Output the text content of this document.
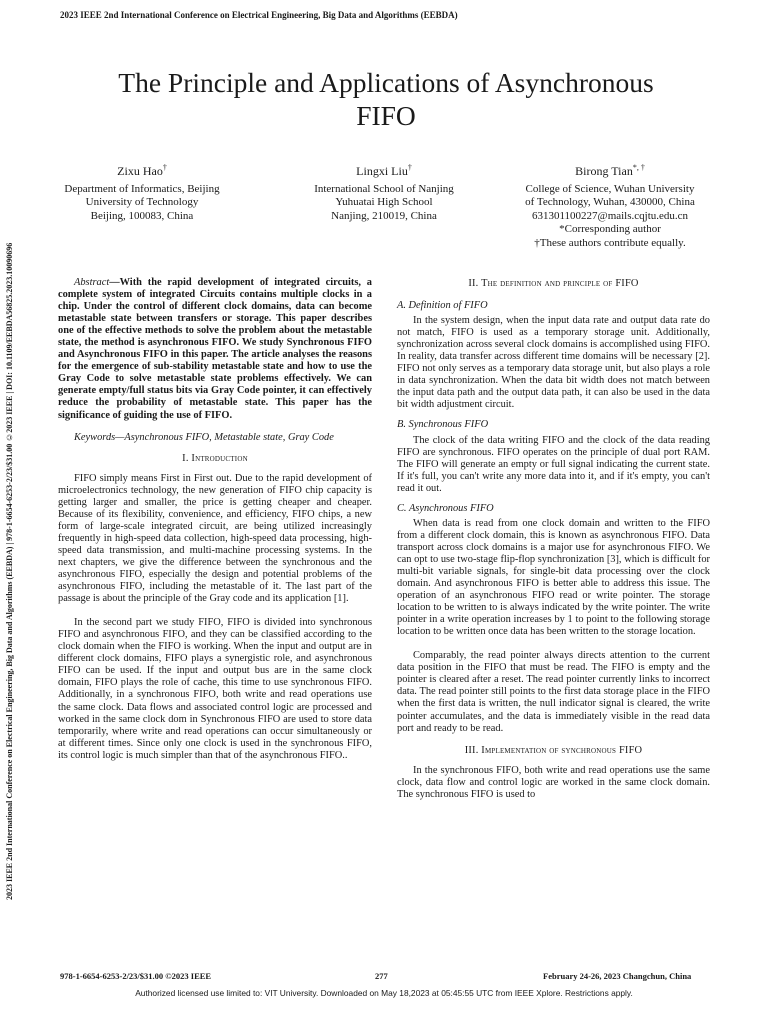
2023 IEEE 2nd International Conference on Electrical Engineering, Big Data and Algorithms (EEBDA)
2023 IEEE 2nd International Conference on Electrical Engineering, Big Data and Algorithms (EEBDA) | 978-1-6654-6253-2/23/$31.00 ©2023 IEEE | DOI: 10.1109/EEBDA56825.2023.10090696
The Principle and Applications of Asynchronous
FIFO
Zixu Hao†
Department of Informatics, Beijing
University of Technology
Beijing, 100083, China
Lingxi Liu†
International School of Nanjing
Yuhuatai High School
Nanjing, 210019, China
Birong Tian*, †
College of Science, Wuhan University
of Technology, Wuhan, 430000, China
631301100227@mails.cqjtu.edu.cn
*Corresponding author
†These authors contribute equally.

Abstract—With the rapid development of integrated circuits, a complete system of integrated Circuits contains multiple clocks in a chip. Under the control of different clock domains, data can become metastable state between transfers or storage. This paper describes one of the effective methods to solve the problem about the metastable state, the method is asynchronous FIFO. We study Synchronous FIFO and Asynchronous FIFO in this paper. The article analyses the reasons for the emergence of sub-stability metastable state and how to use the Gray Code to solve metastable state problems effectively. We can generate empty/full status bits via Gray Code pointer, it can effectively reduce the probability of metastable state. This paper has the significance of guiding the use of FIFO.

Keywords—Asynchronous FIFO, Metastable state, Gray Code

I. Introduction

FIFO simply means First in First out. Due to the rapid development of microelectronics technology, the new generation of FIFO chip capacity is getting larger and smaller, the price is getting cheaper and cheaper. Because of its flexibility, convenience, and efficiency, FIFO chips, a new form of large-scale integrated circuit, are being utilized increasingly frequently in high-speed data collection, high-speed data processing, high-speed data transmission, and multi-machine processing systems. In the next chapters, we give the difference between the synchronous and the asynchronous FIFO, especially the design and potential problems of the asynchronous FIFO, including the metastable of it. The last part of the passage is about the principle of the Gray code and its application [1].

In the second part we study FIFO, FIFO is divided into synchronous FIFO and asynchronous FIFO, and they can be classified according to the clock domain when the FIFO is working. When the input and output are in different clock domains, FIFO plays a synergistic role, and asynchronous FIFO can be used. If the input and output bus are in the same clock domain, FIFO plays the role of cache, this time to use synchronous FIFO. Additionally, in a synchronous FIFO, both write and read operations use the same clock. Data flows and associated control logic are processed and worked in the same clock dom in Synchronous FIFO are used to store data temporarily, where write and read operations can occur simultaneously or at different times. Since only one clock is used in the synchronous FIFO, its control logic is much simpler than that of the asynchronous FIFO..

II. The definition and principle of FIFO
A. Definition of FIFO

In the system design, when the input data rate and output data rate do not match, FIFO is used as a temporary storage unit. Additionally, synchronization across several clock domains is accomplished using FIFO. In reality, data transfer across different time domains will be necessary [2]. FIFO not only serves as a temporary data storage unit, but also plays a role in data synchronization. When the data bit width does not match between the input data path and the output data path, it can also be used in the data bit width adjustment circuit.

B. Synchronous FIFO

The clock of the data writing FIFO and the clock of the data reading FIFO are synchronous. FIFO operates on the principle of dual port RAM. The FIFO will generate an empty or full signal indicating the current state. If it's full, you can't write any more data into it, and if it's empty, you can't read it out.

C. Asynchronous FIFO

When data is read from one clock domain and written to the FIFO from a different clock domain, this is known as asynchronous FIFO. Data transport across clock domains is a major use for asynchronous FIFO. We can opt to use two-stage flip-flop synchronization [3], which is difficult for multi-bit variable signals, for single-bit data processing over the clock domain. And asynchronous FIFO is better able to address this issue. The operation of an asynchronous FIFO read or write pointer. The storage location to be written to is always indicated by the write pointer. The write pointer in a write operation increases by 1 to point to the following storage location to be written once data has been written to the storage location.

Comparably, the read pointer always directs attention to the current data position in the FIFO that must be read. The FIFO is empty and the pointer is cleared after a reset. The read pointer currently links to incorrect data. The read pointer still points to the first data storage place in the FIFO when the first data is written, the null indicator signal is cleared, the write pointer accumulates, and the data is immediately visible in the read data port and ready to be read.

III. Implementation of synchronous FIFO

In the synchronous FIFO, both write and read operations use the same clock, data flow and control logic are worked in the same clock domain. The synchronous FIFO is used to

978-1-6654-6253-2/23/$31.00 ©2023 IEEE	277	February 24-26, 2023 Changchun, China
Authorized licensed use limited to: VIT University. Downloaded on May 18,2023 at 05:45:55 UTC from IEEE Xplore. Restrictions apply.
